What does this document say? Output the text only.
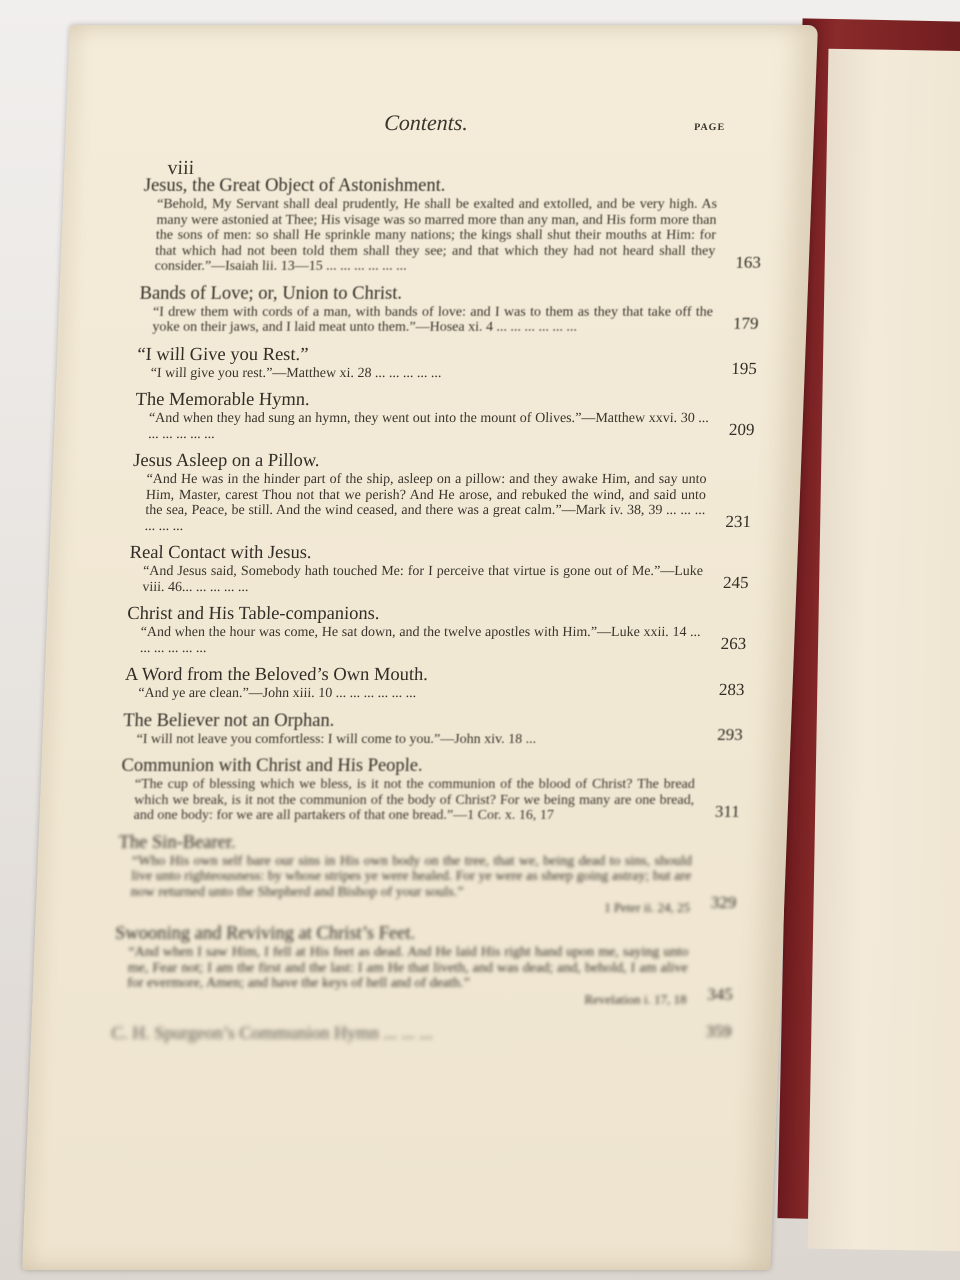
Contents.	PAGE
viii
Jesus, the Great Object of Astonishment.
“Behold, My Servant shall deal prudently, He shall be exalted and extolled, and be very high. As many were astonied at Thee; His visage was so marred more than any man, and His form more than the sons of men: so shall He sprinkle many nations; the kings shall shut their mouths at Him: for that which had not been told them shall they see; and that which they had not heard shall they consider.”—Isaiah lii. 13—15 ... ... ... ... ... ...	163
Bands of Love; or, Union to Christ.
“I drew them with cords of a man, with bands of love: and I was to them as they that take off the yoke on their jaws, and I laid meat unto them.”—Hosea xi. 4 ... ... ... ... ... ...	179
“I will Give you Rest.”
“I will give you rest.”—Matthew xi. 28 ... ... ... ... ...	195
The Memorable Hymn.
“And when they had sung an hymn, they went out into the mount of Olives.”—Matthew xxvi. 30 ... ... ... ... ... ...	209
Jesus Asleep on a Pillow.
“And He was in the hinder part of the ship, asleep on a pillow: and they awake Him, and say unto Him, Master, carest Thou not that we perish? And He arose, and rebuked the wind, and said unto the sea, Peace, be still. And the wind ceased, and there was a great calm.”—Mark iv. 38, 39 ... ... ... ... ... ...	231
Real Contact with Jesus.
“And Jesus said, Somebody hath touched Me: for I perceive that virtue is gone out of Me.”—Luke viii. 46... ... ... ... ...	245
Christ and His Table-companions.
“And when the hour was come, He sat down, and the twelve apostles with Him.”—Luke xxii. 14 ... ... ... ... ... ...	263
A Word from the Beloved’s Own Mouth.
“And ye are clean.”—John xiii. 10 ... ... ... ... ... ...	283
The Believer not an Orphan.
“I will not leave you comfortless: I will come to you.”—John xiv. 18 ...	293
Communion with Christ and His People.
“The cup of blessing which we bless, is it not the communion of the blood of Christ? The bread which we break, is it not the communion of the body of Christ? For we being many are one bread, and one body: for we are all partakers of that one bread.”—1 Cor. x. 16, 17	311
The Sin-Bearer.
“Who His own self bare our sins in His own body on the tree, that we, being dead to sins, should live unto righteousness: by whose stripes ye were healed. For ye were as sheep going astray; but are now returned unto the Shepherd and Bishop of your souls.”
1 Peter ii. 24, 25	329
Swooning and Reviving at Christ’s Feet.
“And when I saw Him, I fell at His feet as dead. And He laid His right hand upon me, saying unto me, Fear not; I am the first and the last: I am He that liveth, and was dead; and, behold, I am alive for evermore, Amen; and have the keys of hell and of death.”
Revelation i. 17, 18	345
C. H. Spurgeon’s Communion Hymn ... ... ...	359
